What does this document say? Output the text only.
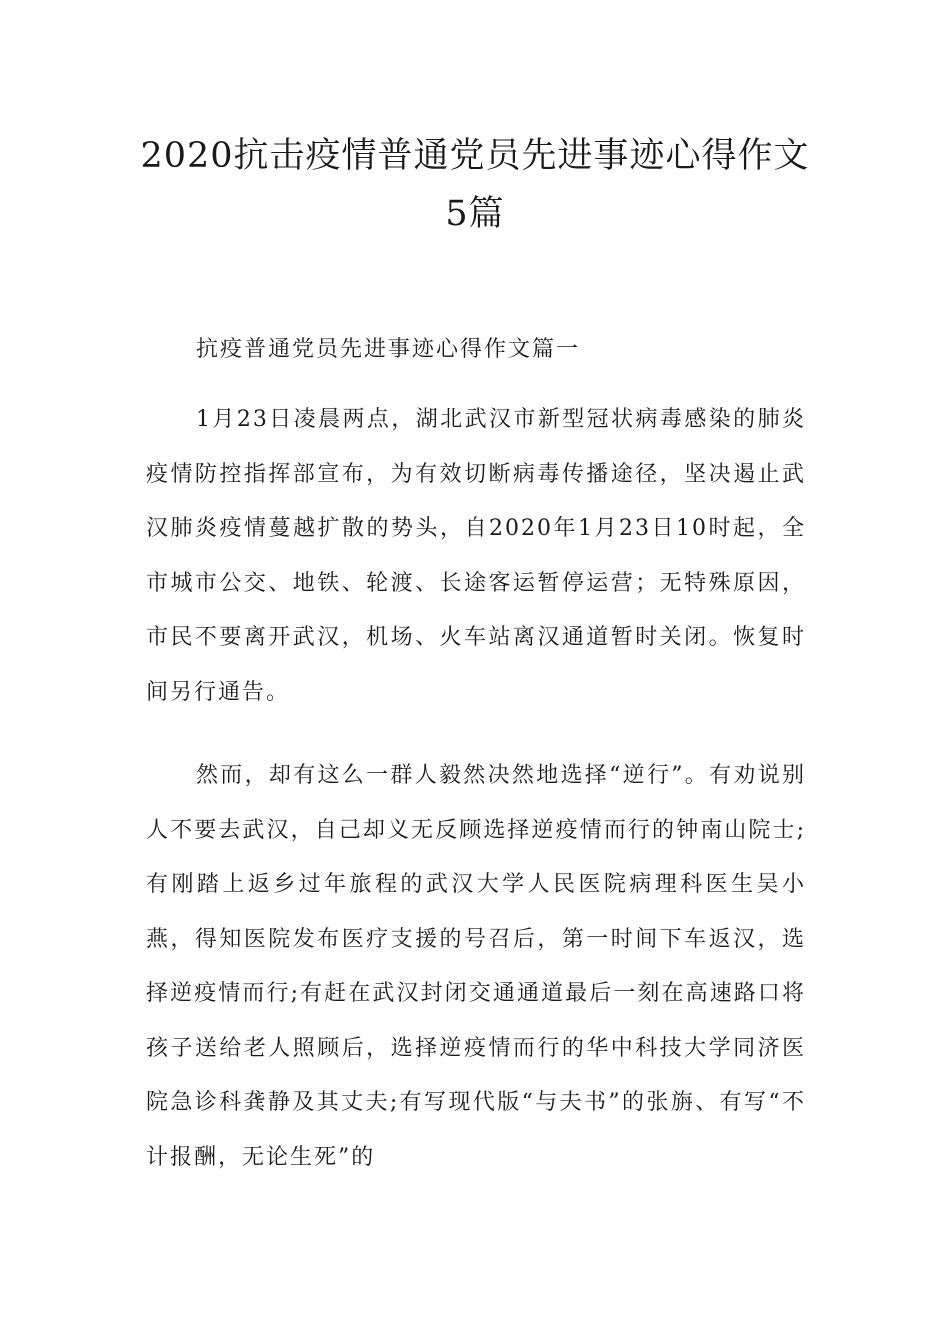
2020抗击疫情普通党员先进事迹心得作文
5篇

抗疫普通党员先进事迹心得作文篇一

1月23日凌晨两点，湖北武汉市新型冠状病毒感染的肺炎疫情防控指挥部宣布，为有效切断病毒传播途径，坚决遏止武汉肺炎疫情蔓越扩散的势头，自2020年1月23日10时起，全市城市公交、地铁、轮渡、长途客运暂停运营；无特殊原因，市民不要离开武汉，机场、火车站离汉通道暂时关闭。恢复时间另行通告。

然而，却有这么一群人毅然决然地选择“逆行”。有劝说别人不要去武汉，自己却义无反顾选择逆疫情而行的钟南山院士;有刚踏上返乡过年旅程的武汉大学人民医院病理科医生吴小燕，得知医院发布医疗支援的号召后，第一时间下车返汉，选择逆疫情而行;有赶在武汉封闭交通通道最后一刻在高速路口将孩子送给老人照顾后，选择逆疫情而行的华中科技大学同济医院急诊科龚静及其丈夫;有写现代版“与夫书”的张旃、有写“不计报酬，无论生死”的
